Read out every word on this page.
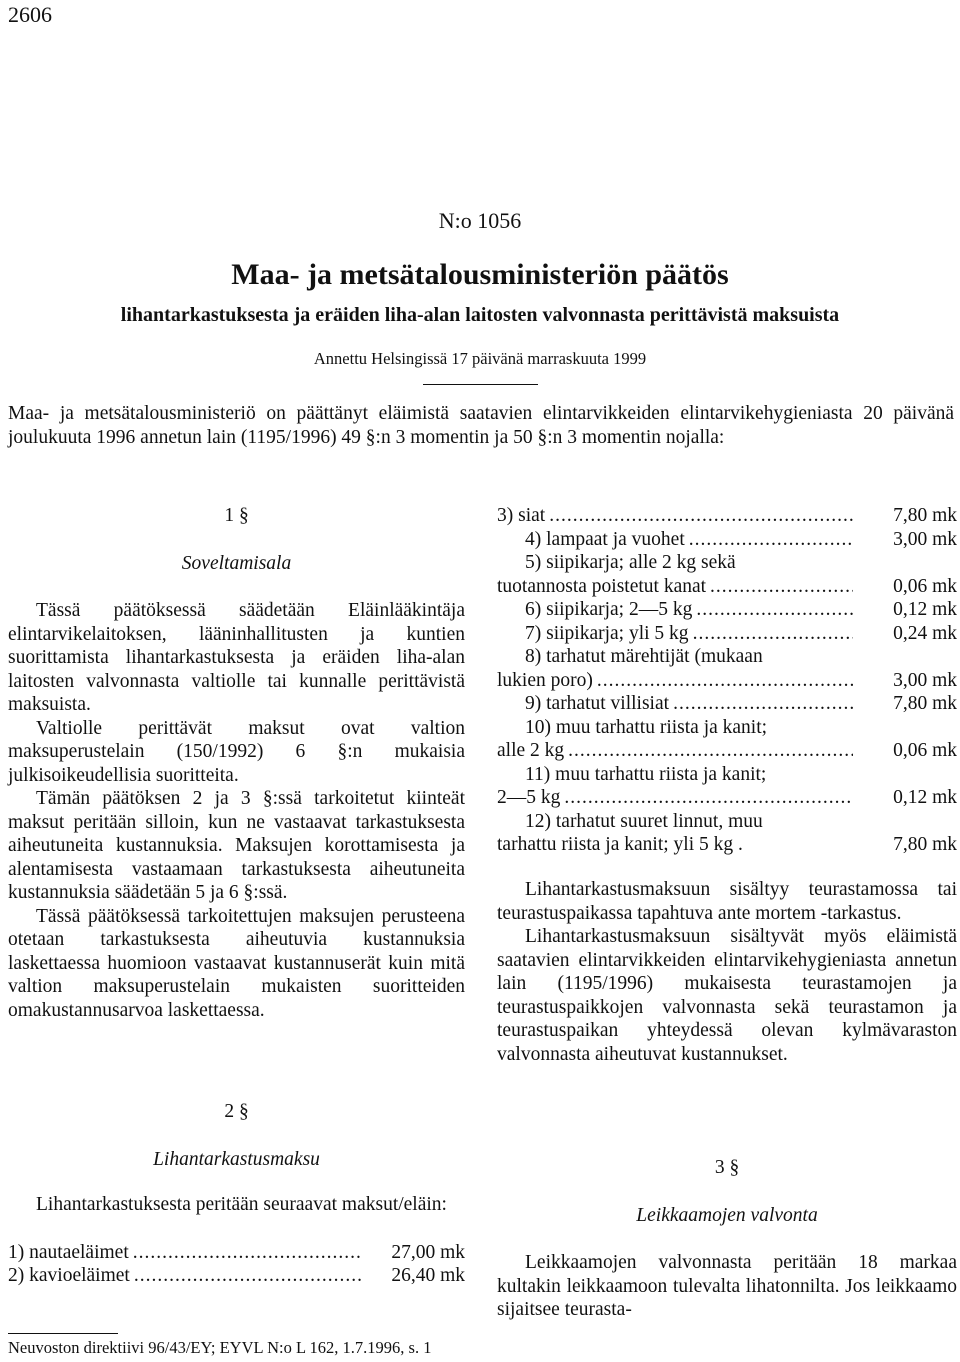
2606
N:o 1056
Maa- ja metsätalousministeriön päätös
lihantarkastuksesta ja eräiden liha-alan laitosten valvonnasta perittävistä maksuista
Annettu Helsingissä 17 päivänä marraskuuta 1999
Maa- ja metsätalousministeriö on päättänyt eläimistä saatavien elintarvikkeiden elintarvikehygieniasta 20 päivänä joulukuuta 1996 annetun lain (1195/1996) 49 §:n 3 momentin ja 50 §:n 3 momentin nojalla:
1 §
Soveltamisala

Tässä päätöksessä säädetään Eläinlääkintäja elintarvikelaitoksen, lääninhallitusten ja kuntien suorittamista lihantarkastuksesta ja eräiden liha-alan laitosten valvonnasta valtiolle tai kunnalle perittävistä maksuista.

Valtiolle perittävät maksut ovat valtion maksuperustelain (150/1992) 6 §:n mukaisia julkisoikeudellisia suoritteita.

Tämän päätöksen 2 ja 3 §:ssä tarkoitetut kiinteät maksut peritään silloin, kun ne vastaavat tarkastuksesta aiheutuneita kustannuksia. Maksujen korottamisesta ja alentamisesta vastaamaan tarkastuksesta aiheutuneita kustannuksia säädetään 5 ja 6 §:ssä.

Tässä päätöksessä tarkoitettujen maksujen perusteena otetaan tarkastuksesta aiheutuvia kustannuksia laskettaessa huomioon vastaavat kustannuserät kuin mitä valtion maksuperustelain mukaisten suoritteiden omakustannusarvoa laskettaessa.

2 §
Lihantarkastusmaksu

Lihantarkastuksesta peritään seuraavat maksut/eläin:

1) nautaeläimet .....	27,00 mk
2) kavioeläimet .....	26,40 mk
3) siat .....	7,80 mk
4) lampaat ja vuohet .....	3,00 mk
5) siipikarja; alle 2 kg sekä
tuotannosta poistetut kanat .....	0,06 mk
6) siipikarja; 2—5 kg .....	0,12 mk
7) siipikarja; yli 5 kg .....	0,24 mk
8) tarhatut märehtijät (mukaan
lukien poro) .....	3,00 mk
9) tarhatut villisiat .....	7,80 mk
10) muu tarhattu riista ja kanit;
alle 2 kg .....	0,06 mk
11) muu tarhattu riista ja kanit;
2—5 kg .....	0,12 mk
12) tarhatut suuret linnut, muu
tarhattu riista ja kanit; yli 5 kg .	7,80 mk

Lihantarkastusmaksuun sisältyy teurastamossa tai teurastuspaikassa tapahtuva ante mortem -tarkastus.

Lihantarkastusmaksuun sisältyvät myös eläimistä saatavien elintarvikkeiden elintarvikehygieniasta annetun lain (1195/1996) mukaisesta teurastamojen ja teurastuspaikkojen valvonnasta sekä teurastamon ja teurastuspaikan yhteydessä olevan kylmävaraston valvonnasta aiheutuvat kustannukset.

3 §
Leikkaamojen valvonta

Leikkaamojen valvonnasta peritään 18 markaa kultakin leikkaamoon tulevalta lihatonnilta. Jos leikkaamo sijaitsee teurasta-

Neuvoston direktiivi 96/43/EY; EYVL N:o L 162, 1.7.1996, s. 1
